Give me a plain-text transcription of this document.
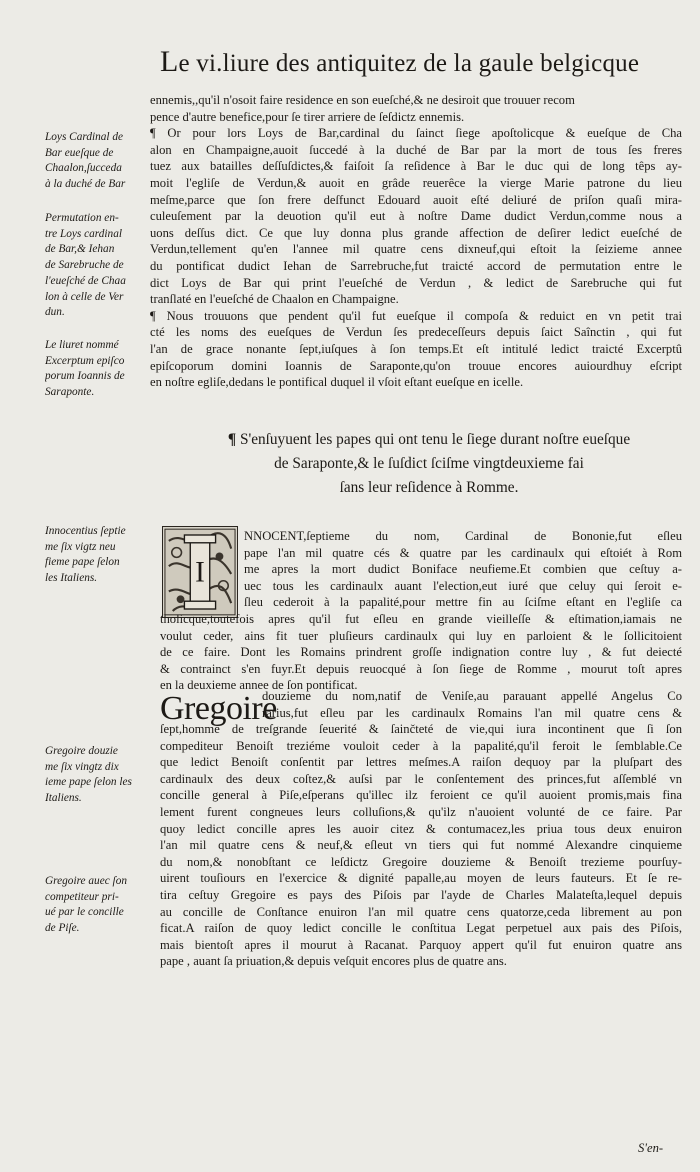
Le vi.liure des antiquitez de la gaule belgicque
ennemis,,qu'il n'osoit faire residence en son eueſché,& ne desiroit que trouuer recom
pence d'autre benefice,pour ſe tirer arriere de ſeſdictz ennemis.
¶ Or pour lors Loys de Bar,cardinal du ſainct ſiege apoſtolicque & eueſque de Cha
alon en Champaigne,auoit ſuccedé à la duché de Bar par la mort de tous ſes freres
tuez aux batailles deſſuſdictes,& faiſoit ſa reſidence à Bar le duc qui de long têps ay-
moit l'egliſe de Verdun,& auoit en grâde reuerêce la vierge Marie patrone du lieu
meſme,parce que ſon frere deſfunct Edouard auoit eſté deliuré de priſon quaſi mira-
culeuſement par la deuotion qu'il eut à noſtre Dame dudict Verdun,comme nous a
uons deſſus dict. Ce que luy donna plus grande affection de deſirer ledict eueſché de
Verdun,tellement qu'en l'annee mil quatre cens dixneuf,qui eſtoit la ſeizieme annee
du pontificat dudict Iehan de Sarrebruche,fut traicté accord de permutation entre le
dict Loys de Bar qui print l'eueſché de Verdun , & ledict de Sarebruche qui fut
tranſlaté en l'eueſché de Chaalon en Champaigne.
¶ Nous trouuons que pendent qu'il fut eueſque il compoſa & reduict en vn petit trai
cté les noms des eueſques de Verdun ſes predeceſſeurs depuis ſaict Saînctin , qui fut
l'an de grace nonante ſept,iuſques à ſon temps.Et eſt intitulé ledict traicté Excerptû
epiſcoporum domini Ioannis de Saraponte,qu'on trouue encores auiourdhuy eſcript
en noſtre egliſe,dedans le pontifical duquel il vſoit eſtant eueſque en icelle.
Loys Cardinal de
Bar eueſque de
Chaalon,ſucceda
à la duché de Bar
Permutation en-
tre Loys cardinal
de Bar,& Iehan
de Sarebruche de
l'eueſché de Chaa
lon à celle de Ver
dun.
Le liuret nommé
Excerptum epiſco
porum Ioannis de
Saraponte.
¶ S'enſuyuent les papes qui ont tenu le ſiege durant noſtre eueſque
de Saraponte,& le ſuſdict ſciſme vingtdeuxieme fai
ſans leur reſidence à Romme.
I
NNOCENT,ſeptieme du nom, Cardinal de Bononie,fut eſleu
pape l'an mil quatre cés & quatre par les cardinaulx qui eſtoiét à Rom
me apres la mort dudict Boniface neufieme.Et combien que ceſtuy a-
uec tous les cardinaulx auant l'election,eut iuré que celuy qui ſeroit e-
ſleu cederoit à la papalité,pour mettre fin au ſciſme eſtant en l'egliſe ca
tholicque,toutefois apres qu'il fut eſleu en grande vieilleſſe & eſtimation,iamais ne
voulut ceder, ains fit tuer pluſieurs cardinaulx qui luy en parloient & le ſollicitoient
de ce faire. Dont les Romains prindrent groſſe indignation contre luy , & fut deiecté
& contrainct s'en fuyr.Et depuis reuocqué à ſon ſiege de Romme , mourut toſt apres
en la deuxieme annee de ſon pontificat.
Innocentius ſeptie
me ſix vigtz neu
fieme pape ſelon
les Italiens.
Gregoire
douzieme du nom,natif de Veniſe,au parauant appellé Angelus Co
rarius,fut eſleu par les cardinaulx Romains l'an mil quatre cens &
ſept,homme de treſgrande ſeuerité & ſainčteté de vie,qui iura incontinent que ſi ſon
compediteur Benoiſt treziéme vouloit ceder à la papalité,qu'il feroit le ſemblable.Ce
que ledict Benoiſt conſentit par lettres meſmes.A raiſon dequoy par la pluſpart des
cardinaulx des deux coſtez,& auſsi par le conſentement des princes,fut aſſemblé vn
concille general à Piſe,eſperans qu'illec ilz feroient ce qu'il auoient promis,mais fina
lement furent congneues leurs colluſions,& qu'ilz n'auoient volunté de ce faire. Par
quoy ledict concille apres les auoir citez & contumacez,les priua tous deux enuiron
l'an mil quatre cens & neuf,& eſleut vn tiers qui fut nommé Alexandre cinquieme
du nom,& nonobſtant ce leſdictz Gregoire douzieme & Benoiſt trezieme pourſuy-
uirent touſiours en l'exercice & dignité papalle,au moyen de leurs fauteurs. Et ſe re-
tira ceſtuy Gregoire es pays des Piſois par l'ayde de Charles Malateſta,lequel depuis
au concille de Conſtance enuiron l'an mil quatre cens quatorze,ceda librement au pon
ficat.A raiſon de quoy ledict concille le conſtitua Legat perpetuel aux pais des Piſois,
mais bientoſt apres il mourut à Racanat. Parquoy appert qu'il fut enuiron quatre ans
pape , auant ſa priuation,& depuis veſquit encores plus de quatre ans.
Gregoire douzie
me ſix vingtz dix
ieme pape ſelon les
Italiens.
Gregoire auec ſon
competiteur pri-
ué par le concille
de Piſe.
S'en-
